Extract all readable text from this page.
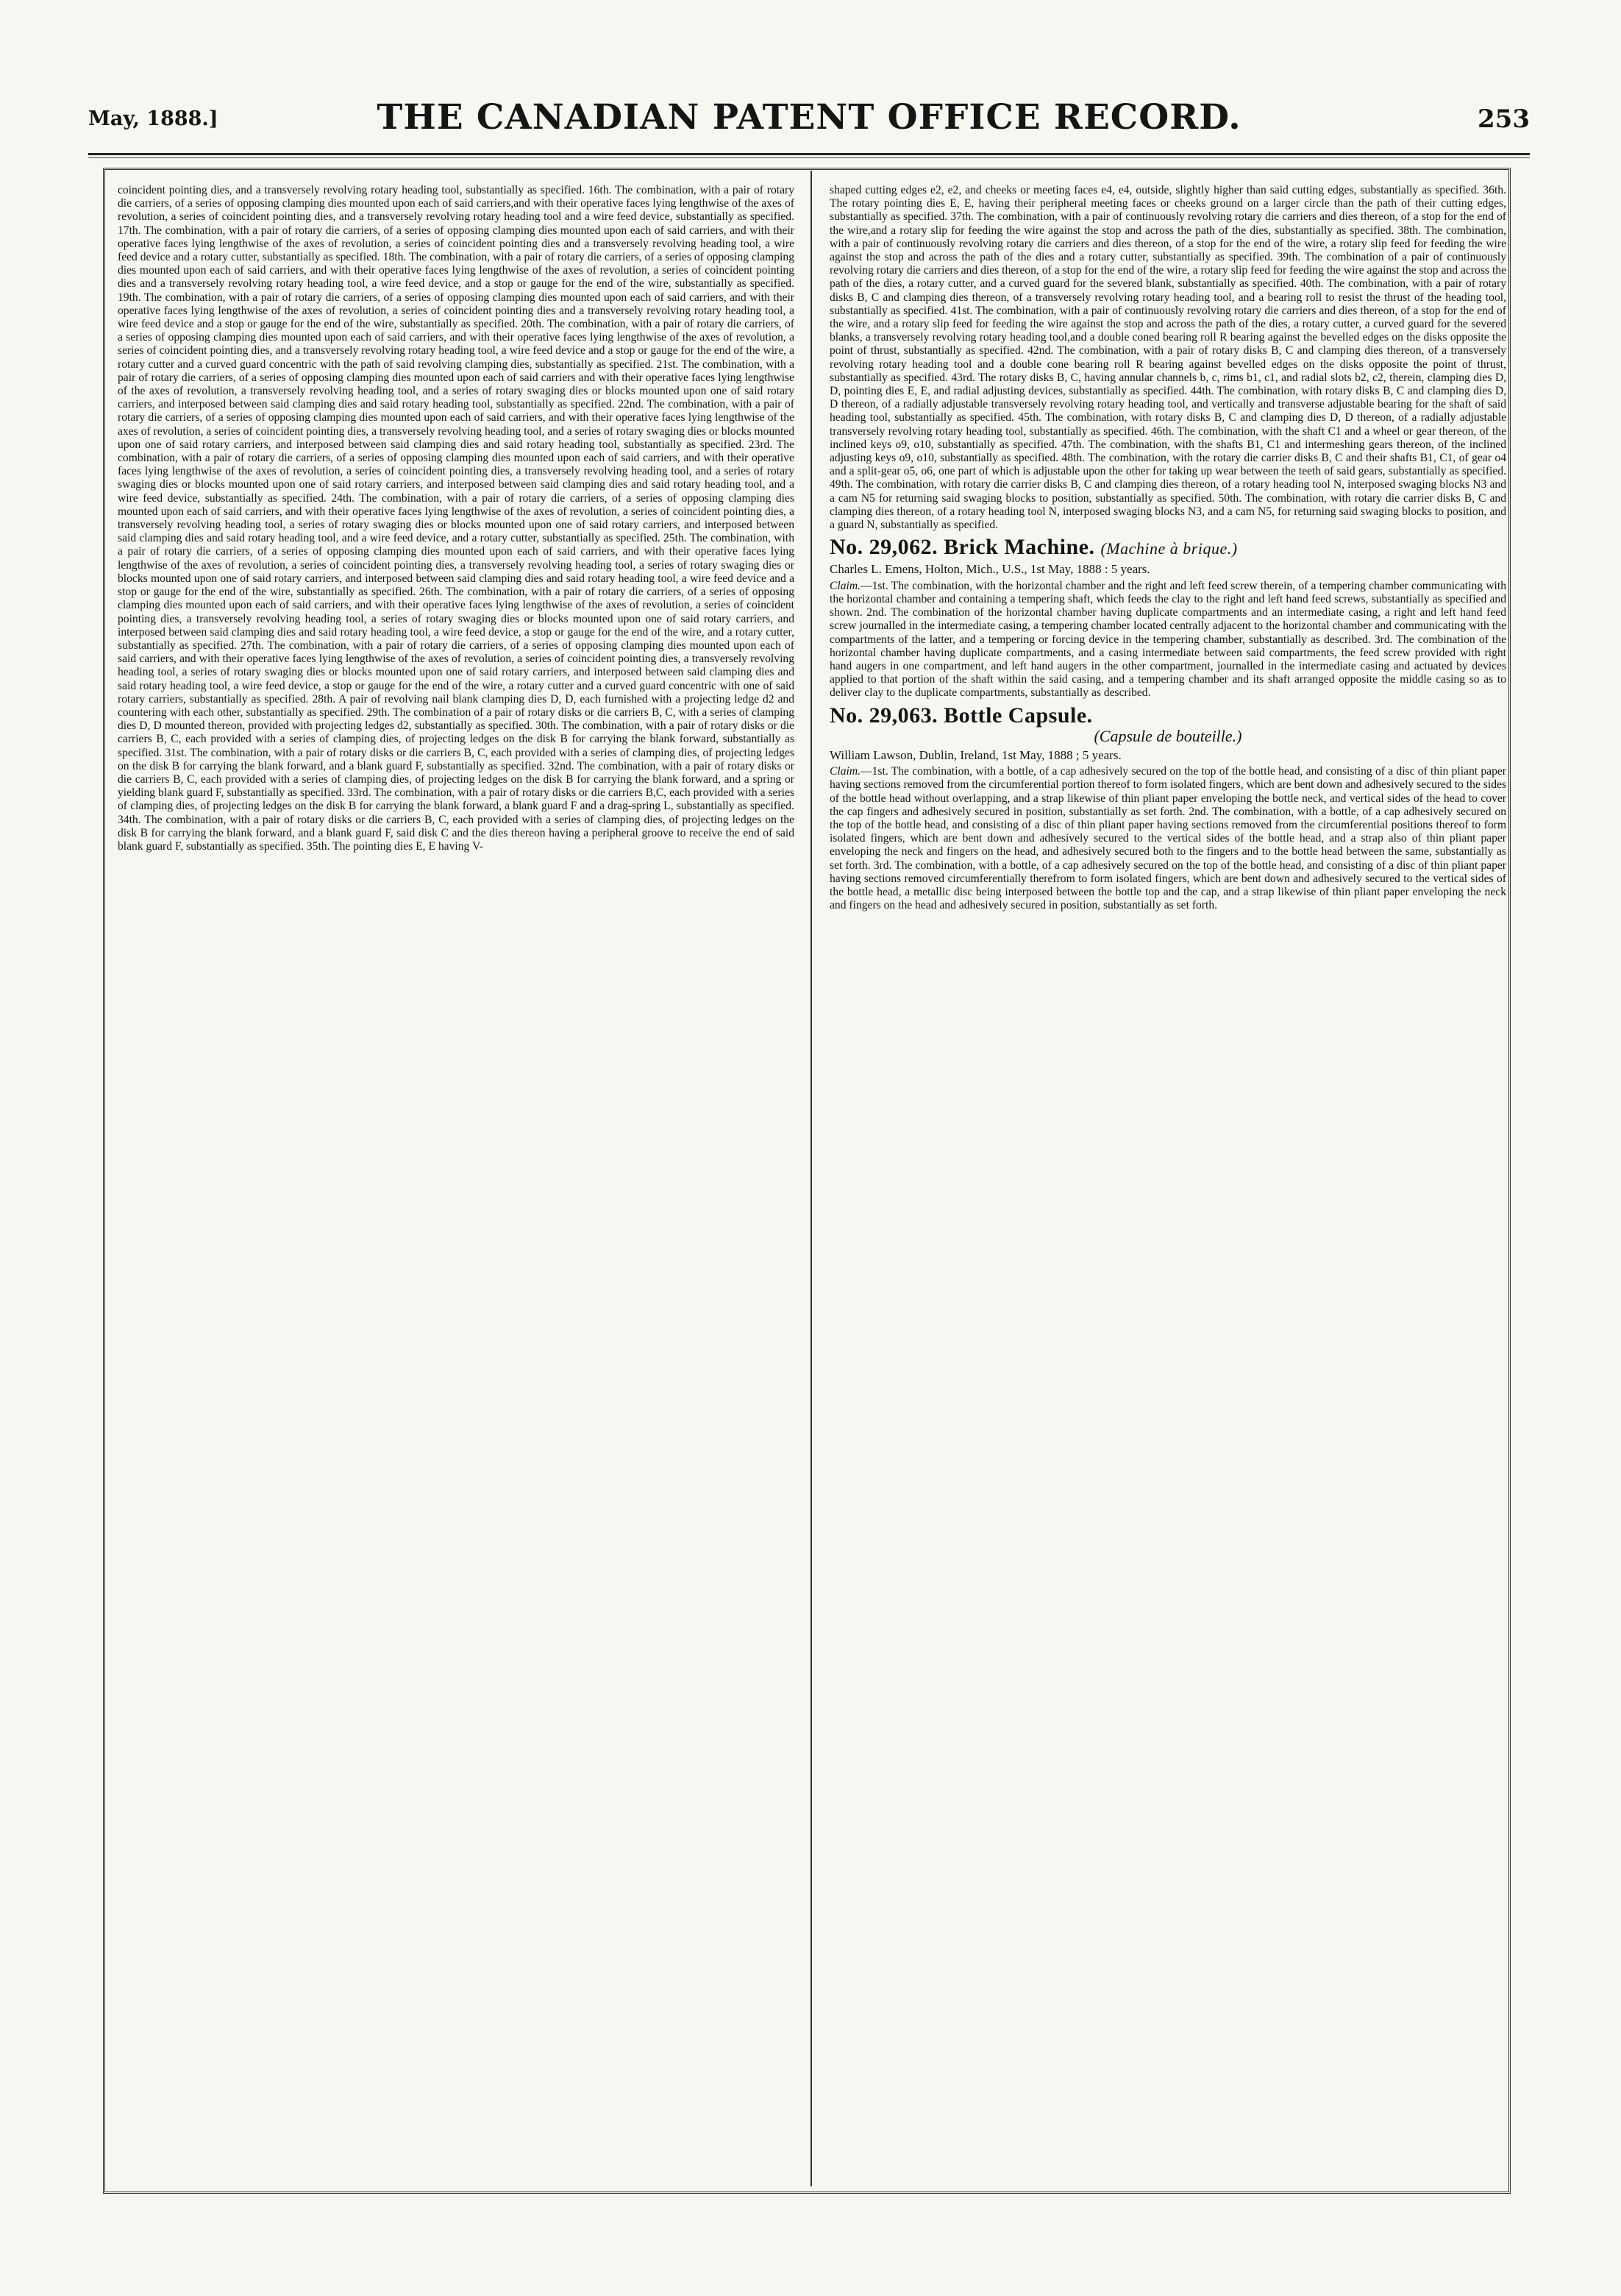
May, 1888.]	THE CANADIAN PATENT OFFICE RECORD.	253

coincident pointing dies, and a transversely revolving rotary heading tool, substantially as specified. 16th. The combination, with a pair of rotary die carriers, of a series of opposing clamping dies mounted upon each of said carriers,and with their operative faces lying lengthwise of the axes of revolution, a series of coincident pointing dies, and a transversely revolving rotary heading tool and a wire feed device, substantially as specified. 17th. The combination, with a pair of rotary die carriers, of a series of opposing clamping dies mounted upon each of said carriers, and with their operative faces lying lengthwise of the axes of revolution, a series of coincident pointing dies and a transversely revolving heading tool, a wire feed device and a rotary cutter, substantially as specified. 18th. The combination, with a pair of rotary die carriers, of a series of opposing clamping dies mounted upon each of said carriers, and with their operative faces lying lengthwise of the axes of revolution, a series of coincident pointing dies and a transversely revolving rotary heading tool, a wire feed device, and a stop or gauge for the end of the wire, substantially as specified. 19th. The combination, with a pair of rotary die carriers, of a series of opposing clamping dies mounted upon each of said carriers, and with their operative faces lying lengthwise of the axes of revolution, a series of coincident pointing dies and a transversely revolving rotary heading tool, a wire feed device and a stop or gauge for the end of the wire, substantially as specified. 20th. The combination, with a pair of rotary die carriers, of a series of opposing clamping dies mounted upon each of said carriers, and with their operative faces lying lengthwise of the axes of revolution, a series of coincident pointing dies, and a transversely revolving rotary heading tool, a wire feed device and a stop or gauge for the end of the wire, a rotary cutter and a curved guard concentric with the path of said revolving clamping dies, substantially as specified. 21st. The combination, with a pair of rotary die carriers, of a series of opposing clamping dies mounted upon each of said carriers and with their operative faces lying lengthwise of the axes of revolution, a transversely revolving heading tool, and a series of rotary swaging dies or blocks mounted upon one of said rotary carriers, and interposed between said clamping dies and said rotary heading tool, substantially as specified. 22nd. The combination, with a pair of rotary die carriers, of a series of opposing clamping dies mounted upon each of said carriers, and with their operative faces lying lengthwise of the axes of revolution, a series of coincident pointing dies, a transversely revolving heading tool, and a series of rotary swaging dies or blocks mounted upon one of said rotary carriers, and interposed between said clamping dies and said rotary heading tool, substantially as specified. 23rd. The combination, with a pair of rotary die carriers, of a series of opposing clamping dies mounted upon each of said carriers, and with their operative faces lying lengthwise of the axes of revolution, a series of coincident pointing dies, a transversely revolving heading tool, and a series of rotary swaging dies or blocks mounted upon one of said rotary carriers, and interposed between said clamping dies and said rotary heading tool, and a wire feed device, substantially as specified. 24th. The combination, with a pair of rotary die carriers, of a series of opposing clamping dies mounted upon each of said carriers, and with their operative faces lying lengthwise of the axes of revolution, a series of coincident pointing dies, a transversely revolving heading tool, a series of rotary swaging dies or blocks mounted upon one of said rotary carriers, and interposed between said clamping dies and said rotary heading tool, and a wire feed device, and a rotary cutter, substantially as specified. 25th. The combination, with a pair of rotary die carriers, of a series of opposing clamping dies mounted upon each of said carriers, and with their operative faces lying lengthwise of the axes of revolution, a series of coincident pointing dies, a transversely revolving heading tool, a series of rotary swaging dies or blocks mounted upon one of said rotary carriers, and interposed between said clamping dies and said rotary heading tool, a wire feed device and a stop or gauge for the end of the wire, substantially as specified. 26th. The combination, with a pair of rotary die carriers, of a series of opposing clamping dies mounted upon each of said carriers, and with their operative faces lying lengthwise of the axes of revolution, a series of coincident pointing dies, a transversely revolving heading tool, a series of rotary swaging dies or blocks mounted upon one of said rotary carriers, and interposed between said clamping dies and said rotary heading tool, a wire feed device, a stop or gauge for the end of the wire, and a rotary cutter, substantially as specified. 27th. The combination, with a pair of rotary die carriers, of a series of opposing clamping dies mounted upon each of said carriers, and with their operative faces lying lengthwise of the axes of revolution, a series of coincident pointing dies, a transversely revolving heading tool, a series of rotary swaging dies or blocks mounted upon one of said rotary carriers, and interposed between said clamping dies and said rotary heading tool, a wire feed device, a stop or gauge for the end of the wire, a rotary cutter and a curved guard concentric with one of said rotary carriers, substantially as specified. 28th. A pair of revolving nail blank clamping dies D, D, each furnished with a projecting ledge d2 and countering with each other, substantially as specified. 29th. The combination of a pair of rotary disks or die carriers B, C, with a series of clamping dies D, D mounted thereon, provided with projecting ledges d2, substantially as specified. 30th. The combination, with a pair of rotary disks or die carriers B, C, each provided with a series of clamping dies, of projecting ledges on the disk B for carrying the blank forward, substantially as specified. 31st. The combination, with a pair of rotary disks or die carriers B, C, each provided with a series of clamping dies, of projecting ledges on the disk B for carrying the blank forward, and a blank guard F, substantially as specified. 32nd. The combination, with a pair of rotary disks or die carriers B, C, each provided with a series of clamping dies, of projecting ledges on the disk B for carrying the blank forward, and a spring or yielding blank guard F, substantially as specified. 33rd. The combination, with a pair of rotary disks or die carriers B,C, each provided with a series of clamping dies, of projecting ledges on the disk B for carrying the blank forward, a blank guard F and a drag-spring L, substantially as specified. 34th. The combination, with a pair of rotary disks or die carriers B, C, each provided with a series of clamping dies, of projecting ledges on the disk B for carrying the blank forward, and a blank guard F, said disk C and the dies thereon having a peripheral groove to receive the end of said blank guard F, substantially as specified. 35th. The pointing dies E, E having V-

shaped cutting edges e2, e2, and cheeks or meeting faces e4, e4, outside, slightly higher than said cutting edges, substantially as specified. 36th. The rotary pointing dies E, E, having their peripheral meeting faces or cheeks ground on a larger circle than the path of their cutting edges, substantially as specified. 37th. The combination, with a pair of continuously revolving rotary die carriers and dies thereon, of a stop for the end of the wire,and a rotary slip for feeding the wire against the stop and across the path of the dies, substantially as specified. 38th. The combination, with a pair of continuously revolving rotary die carriers and dies thereon, of a stop for the end of the wire, a rotary slip feed for feeding the wire against the stop and across the path of the dies and a rotary cutter, substantially as specified. 39th. The combination of a pair of continuously revolving rotary die carriers and dies thereon, of a stop for the end of the wire, a rotary slip feed for feeding the wire against the stop and across the path of the dies, a rotary cutter, and a curved guard for the severed blank, substantially as specified. 40th. The combination, with a pair of rotary disks B, C and clamping dies thereon, of a transversely revolving rotary heading tool, and a bearing roll to resist the thrust of the heading tool, substantially as specified. 41st. The combination, with a pair of continuously revolving rotary die carriers and dies thereon, of a stop for the end of the wire, and a rotary slip feed for feeding the wire against the stop and across the path of the dies, a rotary cutter, a curved guard for the severed blanks, a transversely revolving rotary heading tool,and a double coned bearing roll R bearing against the bevelled edges on the disks opposite the point of thrust, substantially as specified. 42nd. The combination, with a pair of rotary disks B, C and clamping dies thereon, of a transversely revolving rotary heading tool and a double cone bearing roll R bearing against bevelled edges on the disks opposite the point of thrust, substantially as specified. 43rd. The rotary disks B, C, having annular channels b, c, rims b1, c1, and radial slots b2, c2, therein, clamping dies D, D, pointing dies E, E, and radial adjusting devices, substantially as specified. 44th. The combination, with rotary disks B, C and clamping dies D, D thereon, of a radially adjustable transversely revolving rotary heading tool, and vertically and transverse adjustable bearing for the shaft of said heading tool, substantially as specified. 45th. The combination, with rotary disks B, C and clamping dies D, D thereon, of a radially adjustable transversely revolving rotary heading tool, substantially as specified. 46th. The combination, with the shaft C1 and a wheel or gear thereon, of the inclined keys o9, o10, substantially as specified. 47th. The combination, with the shafts B1, C1 and intermeshing gears thereon, of the inclined adjusting keys o9, o10, substantially as specified. 48th. The combination, with the rotary die carrier disks B, C and their shafts B1, C1, of gear o4 and a split-gear o5, o6, one part of which is adjustable upon the other for taking up wear between the teeth of said gears, substantially as specified. 49th. The combination, with rotary die carrier disks B, C and clamping dies thereon, of a rotary heading tool N, interposed swaging blocks N3 and a cam N5 for returning said swaging blocks to position, substantially as specified. 50th. The combination, with rotary die carrier disks B, C and clamping dies thereon, of a rotary heading tool N, interposed swaging blocks N3, and a cam N5, for returning said swaging blocks to position, and a guard N, substantially as specified.

No. 29,062. Brick Machine. (Machine à brique.)

Charles L. Emens, Holton, Mich., U.S., 1st May, 1888 : 5 years.

Claim.—1st. The combination, with the horizontal chamber and the right and left feed screw therein, of a tempering chamber communicating with the horizontal chamber and containing a tempering shaft, which feeds the clay to the right and left hand feed screws, substantially as specified and shown. 2nd. The combination of the horizontal chamber having duplicate compartments and an intermediate casing, a right and left hand feed screw journalled in the intermediate casing, a tempering chamber located centrally adjacent to the horizontal chamber and communicating with the compartments of the latter, and a tempering or forcing device in the tempering chamber, substantially as described. 3rd. The combination of the horizontal chamber having duplicate compartments, and a casing intermediate between said compartments, the feed screw provided with right hand augers in one compartment, and left hand augers in the other compartment, journalled in the intermediate casing and actuated by devices applied to that portion of the shaft within the said casing, and a tempering chamber and its shaft arranged opposite the middle casing so as to deliver clay to the duplicate compartments, substantially as described.

No. 29,063. Bottle Capsule.

(Capsule de bouteille.)

William Lawson, Dublin, Ireland, 1st May, 1888 ; 5 years.

Claim.—1st. The combination, with a bottle, of a cap adhesively secured on the top of the bottle head, and consisting of a disc of thin pliant paper having sections removed from the circumferential portion thereof to form isolated fingers, which are bent down and adhesively secured to the sides of the bottle head without overlapping, and a strap likewise of thin pliant paper enveloping the bottle neck, and vertical sides of the head to cover the cap fingers and adhesively secured in position, substantially as set forth. 2nd. The combination, with a bottle, of a cap adhesively secured on the top of the bottle head, and consisting of a disc of thin pliant paper having sections removed from the circumferential positions thereof to form isolated fingers, which are bent down and adhesively secured to the vertical sides of the bottle head, and a strap also of thin pliant paper enveloping the neck and fingers on the head, and adhesively secured both to the fingers and to the bottle head between the same, substantially as set forth. 3rd. The combination, with a bottle, of a cap adhesively secured on the top of the bottle head, and consisting of a disc of thin pliant paper having sections removed circumferentially therefrom to form isolated fingers, which are bent down and adhesively secured to the vertical sides of the bottle head, a metallic disc being interposed between the bottle top and the cap, and a strap likewise of thin pliant paper enveloping the neck and fingers on the head and adhesively secured in position, substantially as set forth.
